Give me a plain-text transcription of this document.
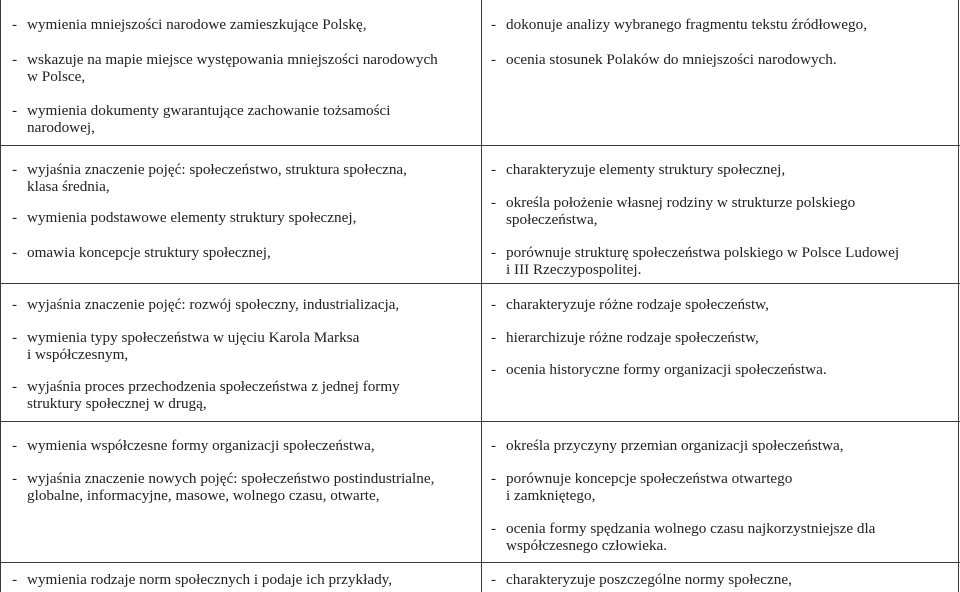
- wymienia mniejszości narodowe zamieszkujące Polskę,
- wskazuje na mapie miejsce występowania mniejszości narodowych
w Polsce,
- wymienia dokumenty gwarantujące zachowanie tożsamości
narodowej,
- dokonuje analizy wybranego fragmentu tekstu źródłowego,
- ocenia stosunek Polaków do mniejszości narodowych.
- wyjaśnia znaczenie pojęć: społeczeństwo, struktura społeczna,
klasa średnia,
- wymienia podstawowe elementy struktury społecznej,
- omawia koncepcje struktury społecznej,
- charakteryzuje elementy struktury społecznej,
- określa położenie własnej rodziny w strukturze polskiego
społeczeństwa,
- porównuje strukturę społeczeństwa polskiego w Polsce Ludowej
i III Rzeczypospolitej.
- wyjaśnia znaczenie pojęć: rozwój społeczny, industrializacja,
- wymienia typy społeczeństwa w ujęciu Karola Marksa
i współczesnym,
- wyjaśnia proces przechodzenia społeczeństwa z jednej formy
struktury społecznej w drugą,
- charakteryzuje różne rodzaje społeczeństw,
- hierarchizuje różne rodzaje społeczeństw,
- ocenia historyczne formy organizacji społeczeństwa.
- wymienia współczesne formy organizacji społeczeństwa,
- wyjaśnia znaczenie nowych pojęć: społeczeństwo postindustrialne,
globalne, informacyjne, masowe, wolnego czasu, otwarte,
- określa przyczyny przemian organizacji społeczeństwa,
- porównuje koncepcje społeczeństwa otwartego
i zamkniętego,
- ocenia formy spędzania wolnego czasu najkorzystniejsze dla
współczesnego człowieka.
- wymienia rodzaje norm społecznych i podaje ich przykłady,	- charakteryzuje poszczególne normy społeczne,
